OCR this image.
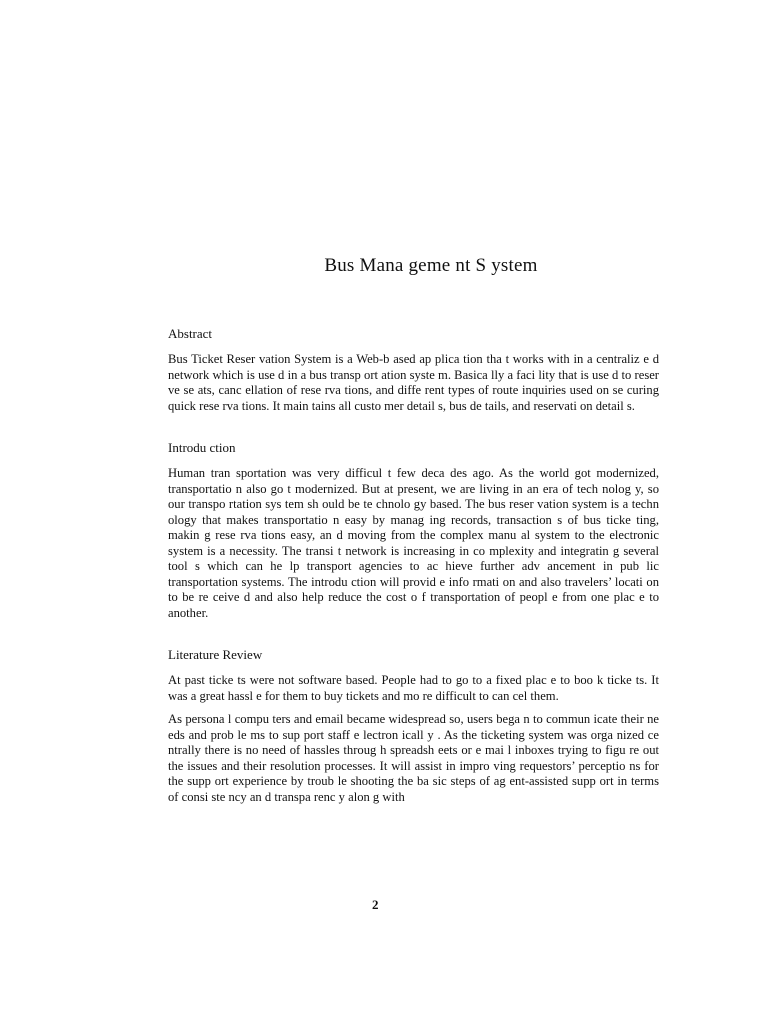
Bus Mana geme nt S ystem
Abstract
Bus Ticket Reser vation System is a Web-b ased ap plica tion tha t works with in a centraliz e d network which is use d in a bus transp ort ation syste m. Basica lly a faci lity that is use d to reser ve se ats, canc ellation of rese rva tions, and diffe rent types of route inquiries used on se curing quick rese rva tions. It main tains all custo mer detail s, bus de tails, and reservati on detail s.
Introdu ction
Human tran sportation was very difficul t few deca des ago. As the world got modernized, transportatio n also go t modernized. But at present, we are living in an era of tech nolog y, so our transpo rtation sys tem sh ould be te chnolo gy based. The bus reser vation system is a techn ology that makes transportatio n easy by manag ing records, transaction s of bus ticke ting, makin g rese rva tions easy, an d moving from the complex manu al system to the electronic system is a necessity. The transi t network is increasing in co mplexity and integratin g several tool s which can he lp transport agencies to ac hieve further adv ancement in pub lic transportation systems. The introdu ction will provid e info rmati on and also travelers’ locati on to be re ceive d and also help reduce the cost o f transportation of peopl e from one plac e to another.
Literature Review
At past ticke ts were not software based. People had to go to a fixed plac e to boo k ticke ts. It was a great hassl e for them to buy tickets and mo re difficult to can cel them.
As persona l compu ters and email became widespread so, users bega n to commun icate their ne eds and prob le ms to sup port staff e lectron icall y . As the ticketing system was orga nized ce ntrally there is no need of hassles throug h spreadsh eets or e mai l inboxes trying to figu re out the issues and their resolution processes. It will assist in impro ving requestors’ perceptio ns for the supp ort experience by troub le shooting the ba sic steps of ag ent-assisted supp ort in terms of consi ste ncy an d transpa renc y alon g with
2
